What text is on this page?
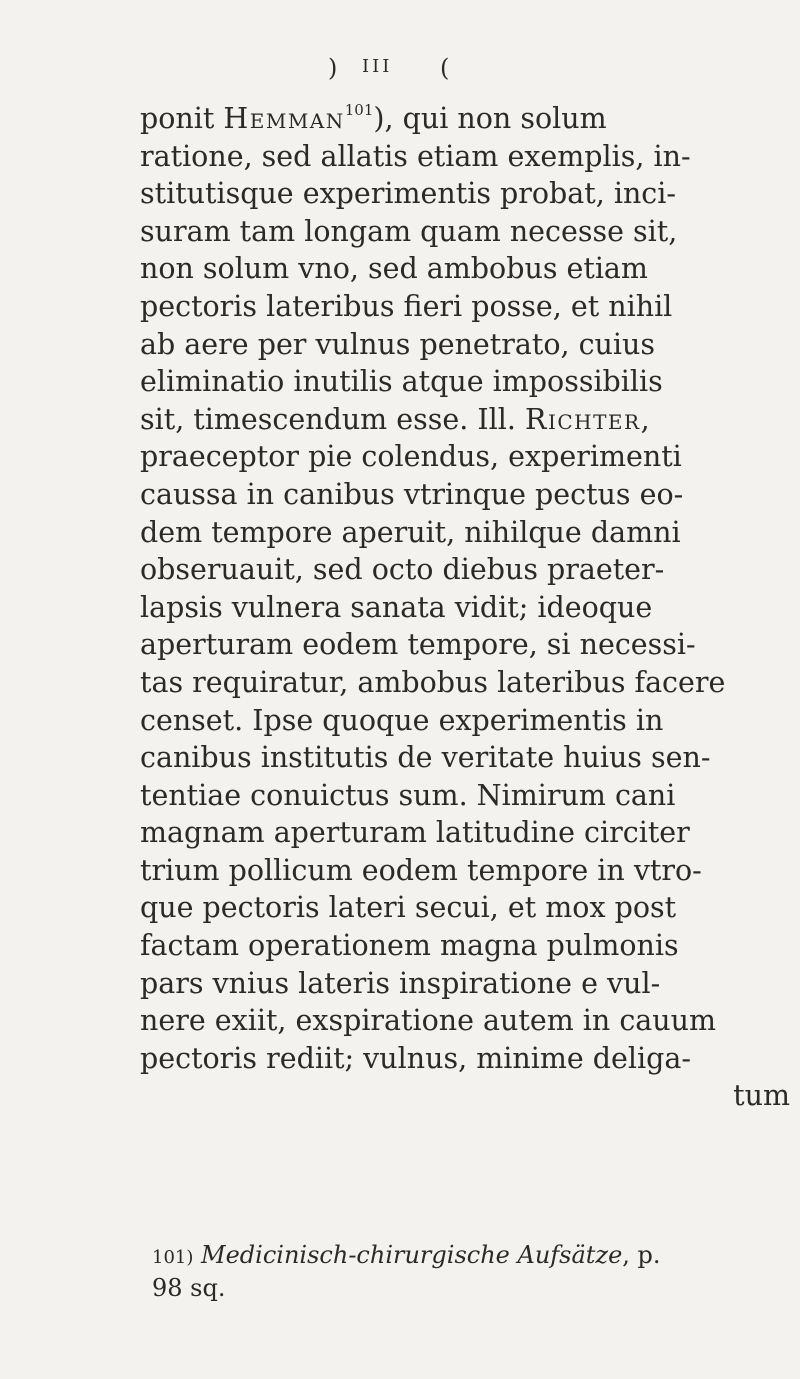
) III (
ponit Hemman$^{101}$), qui non solum
ratione, sed allatis etiam exemplis, in-
stitutisque experimentis probat, inci-
suram tam longam quam necesse sit,
non solum vno, sed ambobus etiam
pectoris lateribus fieri posse, et nihil
ab aere per vulnus penetrato, cuius
eliminatio inutilis atque impossibilis
sit, timescendum esse. Ill. Richter,
praeceptor pie colendus, experimenti
caussa in canibus vtrinque pectus eo-
dem tempore aperuit, nihilque damni
obseruauit, sed octo diebus praeter-
lapsis vulnera sanata vidit; ideoque
aperturam eodem tempore, si necessi-
tas requiratur, ambobus lateribus facere
censet. Ipse quoque experimentis in
canibus institutis de veritate huius sen-
tentiae conuictus sum. Nimirum cani
magnam aperturam latitudine circiter
trium pollicum eodem tempore in vtro-
que pectoris lateri secui, et mox post
factam operationem magna pulmonis
pars vnius lateris inspiratione e vul-
nere exiit, exspiratione autem in cauum
pectoris rediit; vulnus, minime deliga-
tum
101) Medicinisch-chirurgische Aufsätze, p.
98 sq.
